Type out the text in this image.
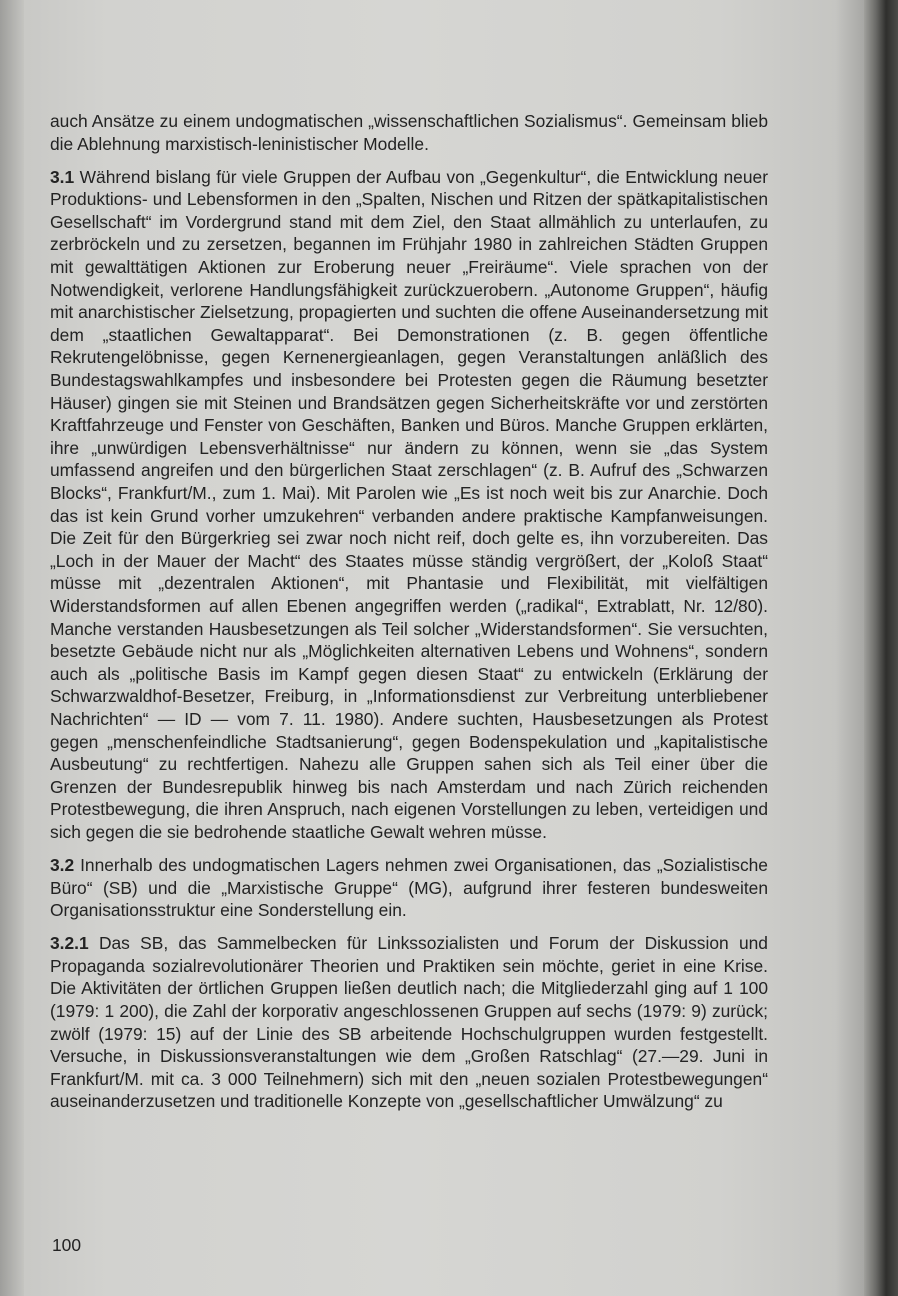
auch Ansätze zu einem undogmatischen „wissenschaftlichen Sozialismus“. Gemeinsam blieb die Ablehnung marxistisch-leninistischer Modelle.

3.1 Während bislang für viele Gruppen der Aufbau von „Gegenkultur“, die Entwicklung neuer Produktions- und Lebensformen in den „Spalten, Nischen und Ritzen der spätkapitalistischen Gesellschaft“ im Vordergrund stand mit dem Ziel, den Staat allmählich zu unterlaufen, zu zerbröckeln und zu zersetzen, begannen im Frühjahr 1980 in zahlreichen Städten Gruppen mit gewalttätigen Aktionen zur Eroberung neuer „Freiräume“. Viele sprachen von der Notwendigkeit, verlorene Handlungsfähigkeit zurückzuerobern. „Autonome Gruppen“, häufig mit anarchistischer Zielsetzung, propagierten und suchten die offene Auseinandersetzung mit dem „staatlichen Gewaltapparat“. Bei Demonstrationen (z. B. gegen öffentliche Rekrutengelöbnisse, gegen Kernenergieanlagen, gegen Veranstaltungen anläßlich des Bundestagswahlkampfes und insbesondere bei Protesten gegen die Räumung besetzter Häuser) gingen sie mit Steinen und Brandsätzen gegen Sicherheitskräfte vor und zerstörten Kraftfahrzeuge und Fenster von Geschäften, Banken und Büros. Manche Gruppen erklärten, ihre „unwürdigen Lebensverhältnisse“ nur ändern zu können, wenn sie „das System umfassend angreifen und den bürgerlichen Staat zerschlagen“ (z. B. Aufruf des „Schwarzen Blocks“, Frankfurt/M., zum 1. Mai). Mit Parolen wie „Es ist noch weit bis zur Anarchie. Doch das ist kein Grund vorher umzukehren“ verbanden andere praktische Kampfanweisungen. Die Zeit für den Bürgerkrieg sei zwar noch nicht reif, doch gelte es, ihn vorzubereiten. Das „Loch in der Mauer der Macht“ des Staates müsse ständig vergrößert, der „Koloß Staat“ müsse mit „dezentralen Aktionen“, mit Phantasie und Flexibilität, mit vielfältigen Widerstandsformen auf allen Ebenen angegriffen werden („radikal“, Extrablatt, Nr. 12/80). Manche verstanden Hausbesetzungen als Teil solcher „Widerstandsformen“. Sie versuchten, besetzte Gebäude nicht nur als „Möglichkeiten alternativen Lebens und Wohnens“, sondern auch als „politische Basis im Kampf gegen diesen Staat“ zu entwickeln (Erklärung der Schwarzwaldhof-Besetzer, Freiburg, in „Informationsdienst zur Verbreitung unterbliebener Nachrichten“ — ID — vom 7. 11. 1980). Andere suchten, Hausbesetzungen als Protest gegen „menschenfeindliche Stadtsanierung“, gegen Bodenspekulation und „kapitalistische Ausbeutung“ zu rechtfertigen. Nahezu alle Gruppen sahen sich als Teil einer über die Grenzen der Bundesrepublik hinweg bis nach Amsterdam und nach Zürich reichenden Protestbewegung, die ihren Anspruch, nach eigenen Vorstellungen zu leben, verteidigen und sich gegen die sie bedrohende staatliche Gewalt wehren müsse.

3.2 Innerhalb des undogmatischen Lagers nehmen zwei Organisationen, das „Sozialistische Büro“ (SB) und die „Marxistische Gruppe“ (MG), aufgrund ihrer festeren bundesweiten Organisationsstruktur eine Sonderstellung ein.

3.2.1 Das SB, das Sammelbecken für Linkssozialisten und Forum der Diskussion und Propaganda sozialrevolutionärer Theorien und Praktiken sein möchte, geriet in eine Krise. Die Aktivitäten der örtlichen Gruppen ließen deutlich nach; die Mitgliederzahl ging auf 1 100 (1979: 1 200), die Zahl der korporativ angeschlossenen Gruppen auf sechs (1979: 9) zurück; zwölf (1979: 15) auf der Linie des SB arbeitende Hochschulgruppen wurden festgestellt. Versuche, in Diskussionsveranstaltungen wie dem „Großen Ratschlag“ (27.—29. Juni in Frankfurt/M. mit ca. 3 000 Teilnehmern) sich mit den „neuen sozialen Protestbewegungen“ auseinanderzusetzen und traditionelle Konzepte von „gesellschaftlicher Umwälzung“ zu

100
